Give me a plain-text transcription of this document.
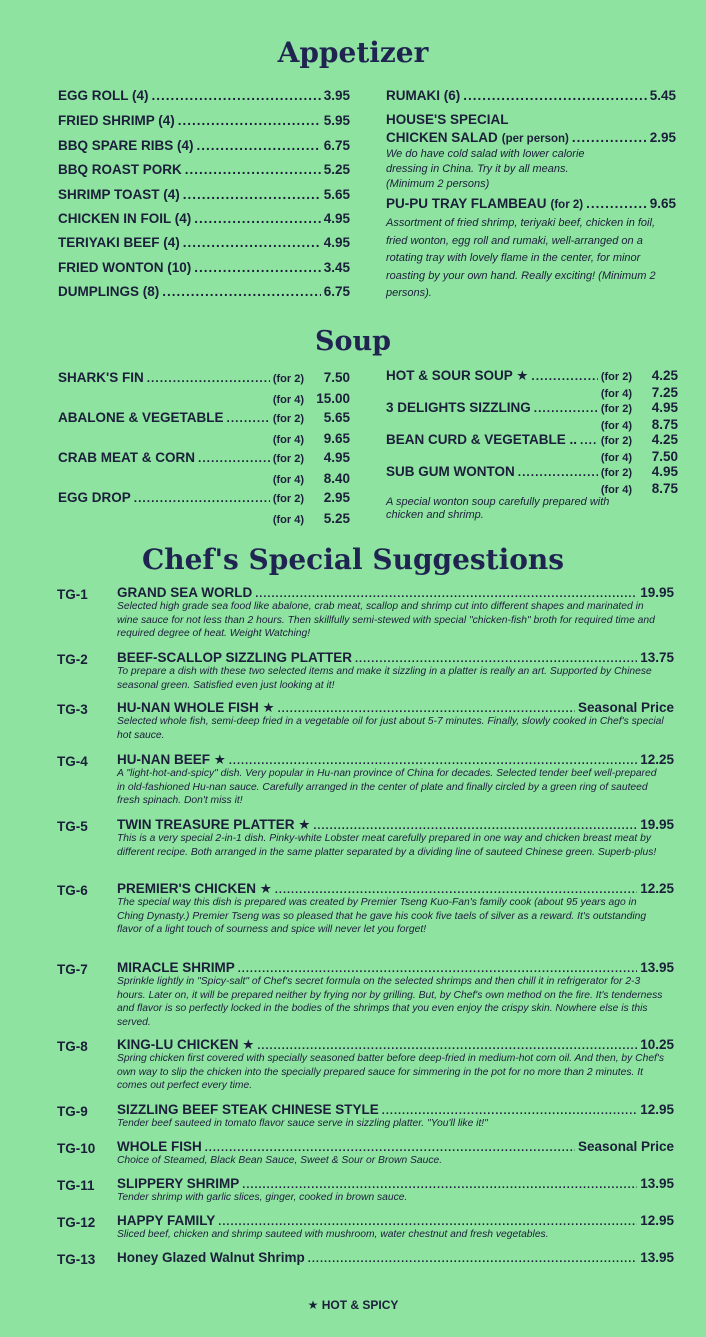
Appetizer
EGG ROLL (4) .....	3.95
FRIED SHRIMP (4) .....	5.95
BBQ SPARE RIBS (4) .....	6.75
BBQ ROAST PORK .....	5.25
SHRIMP TOAST (4) .....	5.65
CHICKEN IN FOIL (4) .....	4.95
TERIYAKI BEEF (4) .....	4.95
FRIED WONTON (10) .....	3.45
DUMPLINGS (8) .....	6.75
RUMAKI (6) .....	5.45
HOUSE'S SPECIAL
CHICKEN SALAD (per person) .....	2.95
We do have cold salad with lower calorie dressing in China. Try it by all means. (Minimum 2 persons)
PU-PU TRAY FLAMBEAU (for 2) .....	9.65
Assortment of fried shrimp, teriyaki beef, chicken in foil, fried wonton, egg roll and rumaki, well-arranged on a rotating tray with lovely flame in the center, for minor roasting by your own hand. Really exciting! (Minimum 2 persons).
Soup
SHARK'S FIN .....	(for 2)	7.50
(for 4) 15.00
ABALONE & VEGETABLE .....	(for 2)	5.65
(for 4)	9.65
CRAB MEAT & CORN .....	(for 2)	4.95
(for 4)	8.40
EGG DROP .....	(for 2)	2.95
(for 4)	5.25
HOT & SOUR SOUP ★ .....	(for 2)	4.25
(for 4)	7.25
3 DELIGHTS SIZZLING .....	(for 2)	4.95
(for 4)	8.75
BEAN CURD & VEGETABLE .. ..... (for 2)	4.25
(for 4)	7.50
SUB GUM WONTON .....	(for 2)	4.95
(for 4)	8.75
A special wonton soup carefully prepared with chicken and shrimp.
Chef's Special Suggestions
TG-1 GRAND SEA WORLD .....	19.95
Selected high grade sea food like abalone, crab meat, scallop and shrimp cut into different shapes and marinated in wine sauce for not less than 2 hours. Then skillfully semi-stewed with special "chicken-fish" broth for required time and required degree of heat. Weight Watching!
TG-2 BEEF-SCALLOP SIZZLING PLATTER .....	13.75
To prepare a dish with these two selected items and make it sizzling in a platter is really an art. Supported by Chinese seasonal green. Satisfied even just looking at it!
TG-3 HU-NAN WHOLE FISH ★ .....	Seasonal Price
Selected whole fish, semi-deep fried in a vegetable oil for just about 5-7 minutes. Finally, slowly cooked in Chef's special hot sauce.
TG-4 HU-NAN BEEF ★ .....	12.25
A "light-hot-and-spicy" dish. Very popular in Hu-nan province of China for decades. Selected tender beef well-prepared in old-fashioned Hu-nan sauce. Carefully arranged in the center of plate and finally circled by a green ring of sauteed fresh spinach. Don't miss it!
TG-5 TWIN TREASURE PLATTER ★ .....	19.95
This is a very special 2-in-1 dish. Pinky-white Lobster meat carefully prepared in one way and chicken breast meat by different recipe. Both arranged in the same platter separated by a dividing line of sauteed Chinese green. Superb-plus!
TG-6 PREMIER'S CHICKEN ★ .....	12.25
The special way this dish is prepared was created by Premier Tseng Kuo-Fan's family cook (about 95 years ago in Ching Dynasty.) Premier Tseng was so pleased that he gave his cook five taels of silver as a reward. It's outstanding flavor of a light touch of sourness and spice will never let you forget!
TG-7 MIRACLE SHRIMP .....	13.95
Sprinkle lightly in "Spicy-salt" of Chef's secret formula on the selected shrimps and then chill it in refrigerator for 2-3 hours. Later on, it will be prepared neither by frying nor by grilling. But, by Chef's own method on the fire. It's tenderness and flavor is so perfectly locked in the bodies of the shrimps that you even enjoy the crispy skin. Nowhere else is this served.
TG-8 KING-LU CHICKEN ★ .....	10.25
Spring chicken first covered with specially seasoned batter before deep-fried in medium-hot corn oil. And then, by Chef's own way to slip the chicken into the specially prepared sauce for simmering in the pot for no more than 2 minutes. It comes out perfect every time.
TG-9 SIZZLING BEEF STEAK CHINESE STYLE .....	12.95
Tender beef sauteed in tomato flavor sauce serve in sizzling platter. "You'll like it!"
TG-10 WHOLE FISH .....	Seasonal Price
Choice of Steamed, Black Bean Sauce, Sweet & Sour or Brown Sauce.
TG-11 SLIPPERY SHRIMP .....	13.95
Tender shrimp with garlic slices, ginger, cooked in brown sauce.
TG-12 HAPPY FAMILY .....	12.95
Sliced beef, chicken and shrimp sauteed with mushroom, water chestnut and fresh vegetables.
TG-13 Honey Glazed Walnut Shrimp .....	13.95
★ HOT & SPICY
